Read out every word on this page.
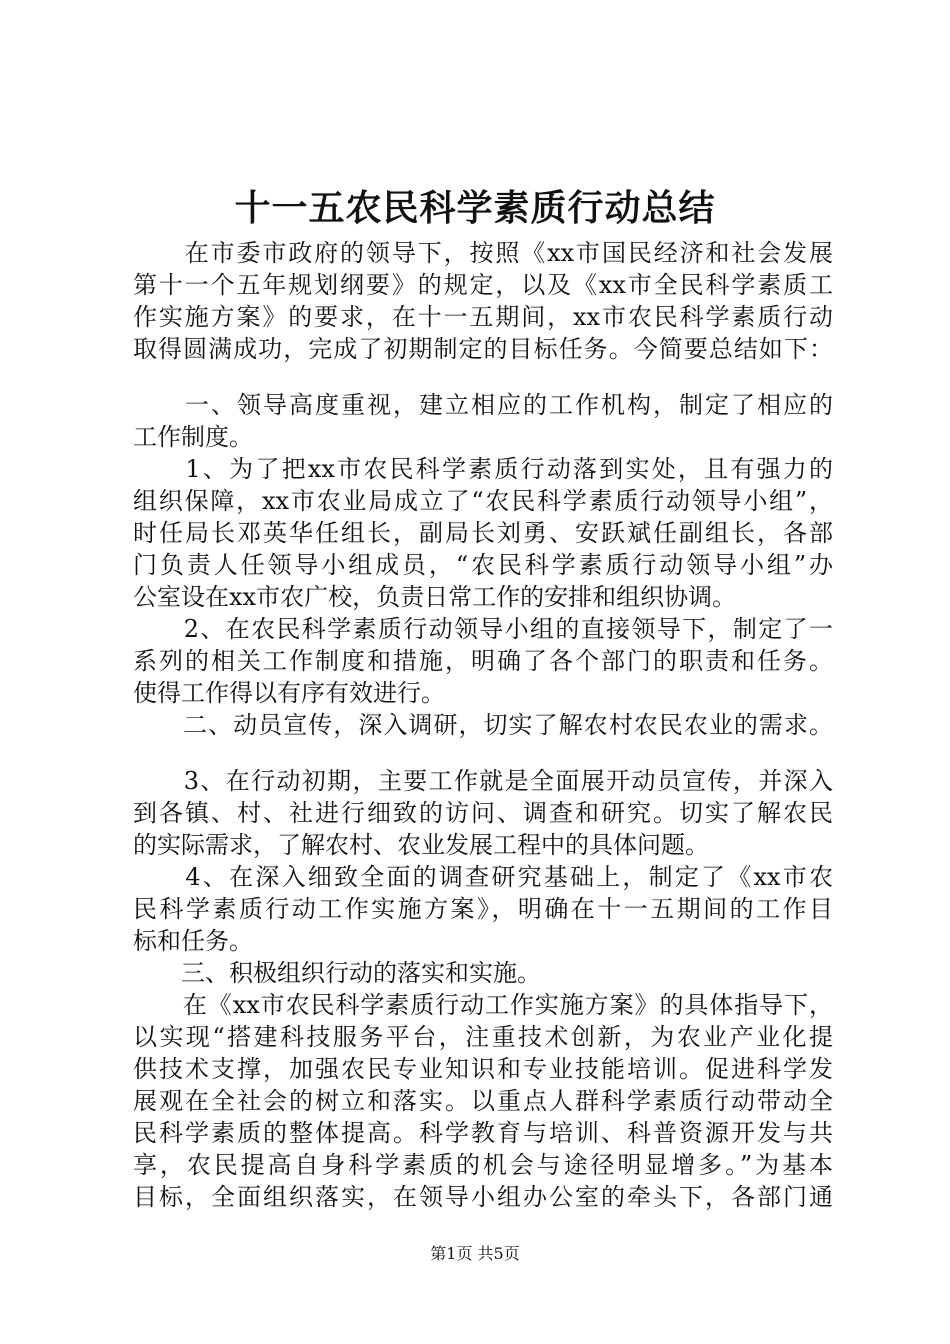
十一五农民科学素质行动总结
　　在市委市政府的领导下，按照《xx市国民经济和社会发展
第十一个五年规划纲要》的规定，以及《xx市全民科学素质工
作实施方案》的要求，在十一五期间，xx市农民科学素质行动
取得圆满成功，完成了初期制定的目标任务。今简要总结如下：
　　一、领导高度重视，建立相应的工作机构，制定了相应的
工作制度。
　　1、为了把xx市农民科学素质行动落到实处，且有强力的
组织保障，xx市农业局成立了“农民科学素质行动领导小组”，
时任局长邓英华任组长，副局长刘勇、安跃斌任副组长，各部
门负责人任领导小组成员，“农民科学素质行动领导小组”办
公室设在xx市农广校，负责日常工作的安排和组织协调。
　　2、在农民科学素质行动领导小组的直接领导下，制定了一
系列的相关工作制度和措施，明确了各个部门的职责和任务。
使得工作得以有序有效进行。
　　二、动员宣传，深入调研，切实了解农村农民农业的需求。
　　3、在行动初期，主要工作就是全面展开动员宣传，并深入
到各镇、村、社进行细致的访问、调查和研究。切实了解农民
的实际需求，了解农村、农业发展工程中的具体问题。
　　4、在深入细致全面的调查研究基础上，制定了《xx市农
民科学素质行动工作实施方案》，明确在十一五期间的工作目
标和任务。
　　三、积极组织行动的落实和实施。
　　在《xx市农民科学素质行动工作实施方案》的具体指导下，
以实现“搭建科技服务平台，注重技术创新，为农业产业化提
供技术支撑，加强农民专业知识和专业技能培训。促进科学发
展观在全社会的树立和落实。以重点人群科学素质行动带动全
民科学素质的整体提高。科学教育与培训、科普资源开发与共
享，农民提高自身科学素质的机会与途径明显增多。”为基本
目标，全面组织落实，在领导小组办公室的牵头下，各部门通
第1页 共5页
